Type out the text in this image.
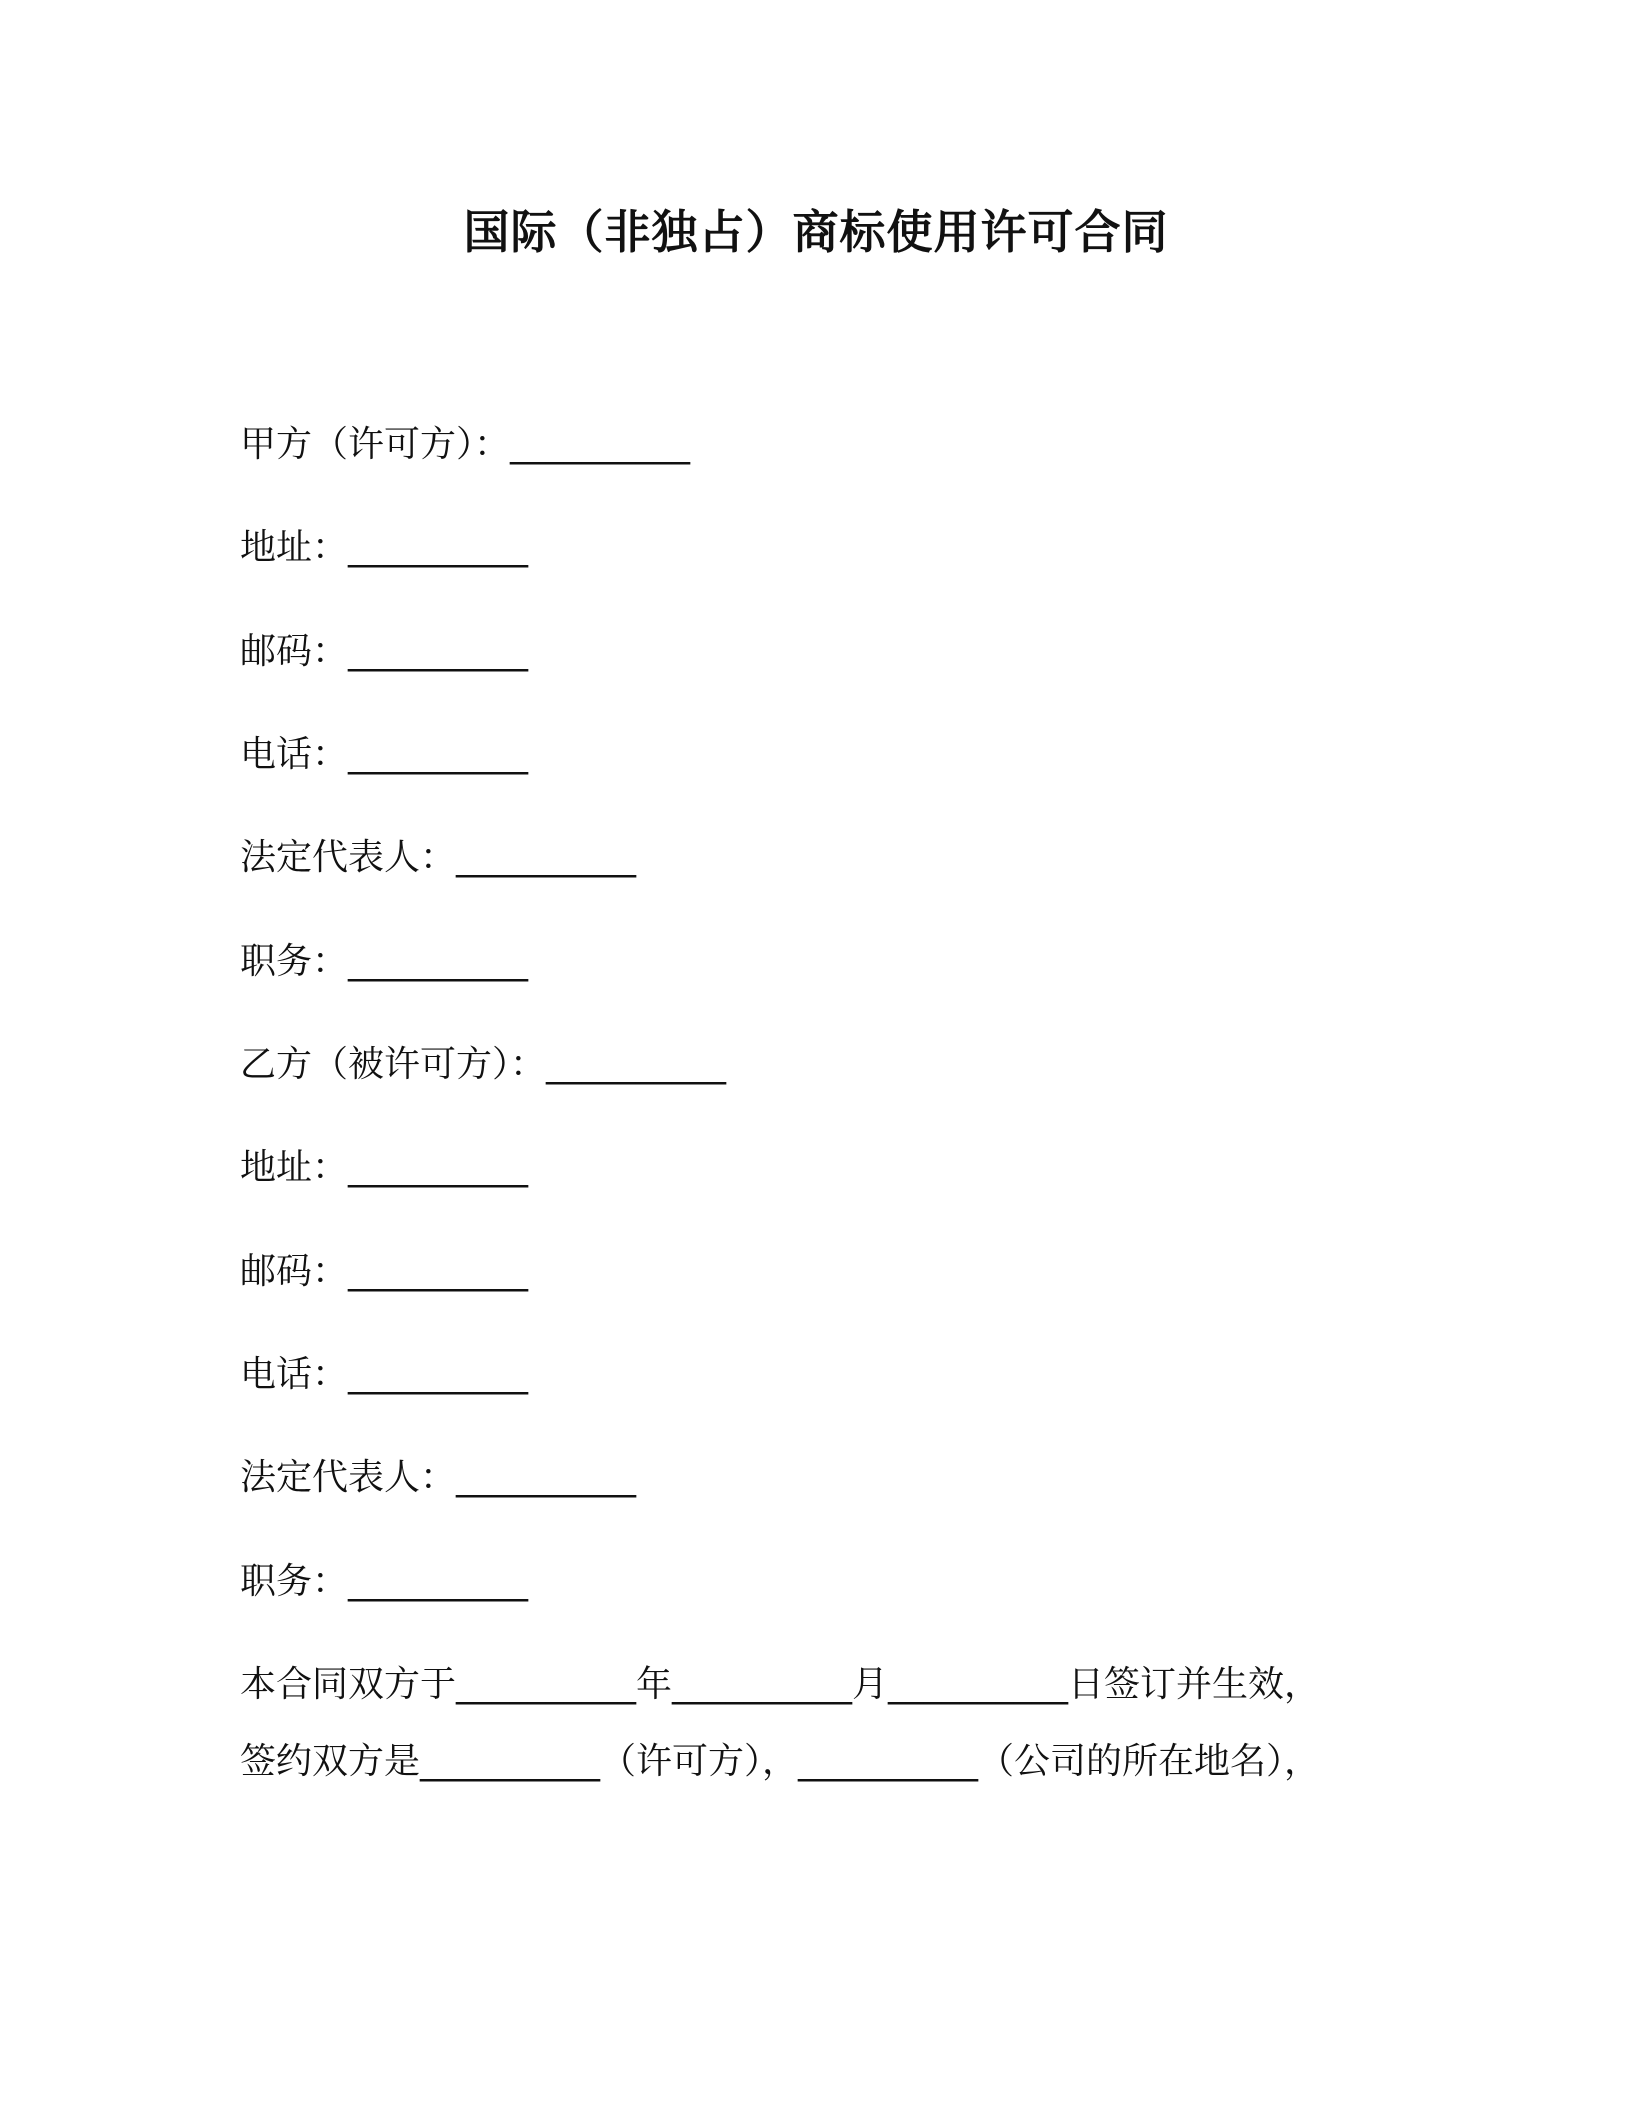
国际（非独占）商标使用许可合同
甲方（许可方）：__________
地址：__________
邮码：__________
电话：__________
法定代表人：__________
职务：__________
乙方（被许可方）：__________
地址：__________
邮码：__________
电话：__________
法定代表人：__________
职务：__________
本合同双方于__________年__________月__________日签订并生效，
签约双方是__________（许可方），__________（公司的所在地名），
